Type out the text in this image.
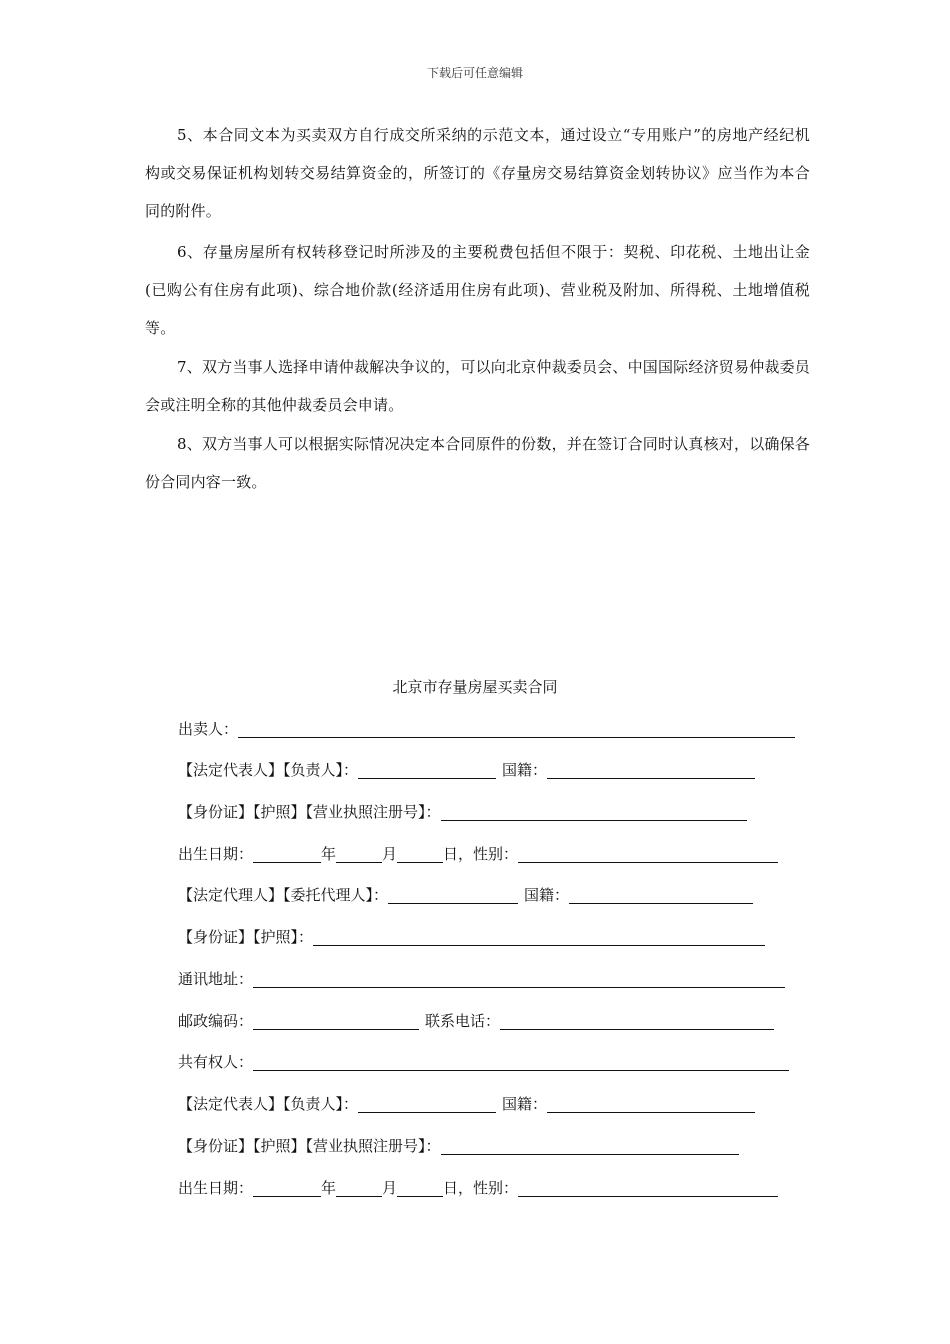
下载后可任意编辑

5、本合同文本为买卖双方自行成交所采纳的示范文本，通过设立“专用账户”的房地产经纪机构或交易保证机构划转交易结算资金的，所签订的《存量房交易结算资金划转协议》应当作为本合同的附件。

6、存量房屋所有权转移登记时所涉及的主要税费包括但不限于：契税、印花税、土地出让金(已购公有住房有此项)、综合地价款(经济适用住房有此项)、营业税及附加、所得税、土地增值税等。

7、双方当事人选择申请仲裁解决争议的，可以向北京仲裁委员会、中国国际经济贸易仲裁委员会或注明全称的其他仲裁委员会申请。

8、双方当事人可以根据实际情况决定本合同原件的份数，并在签订合同时认真核对，以确保各份合同内容一致。

北京市存量房屋买卖合同
出卖人：
【法定代表人】【负责人】：	国籍：
【身份证】【护照】【营业执照注册号】：
出生日期：	年	月	日，性别：
【法定代理人】【委托代理人】：	国籍：
【身份证】【护照】：
通讯地址：
邮政编码：	联系电话：
共有权人：
【法定代表人】【负责人】：	国籍：
【身份证】【护照】【营业执照注册号】：
出生日期：	年	月	日，性别：
